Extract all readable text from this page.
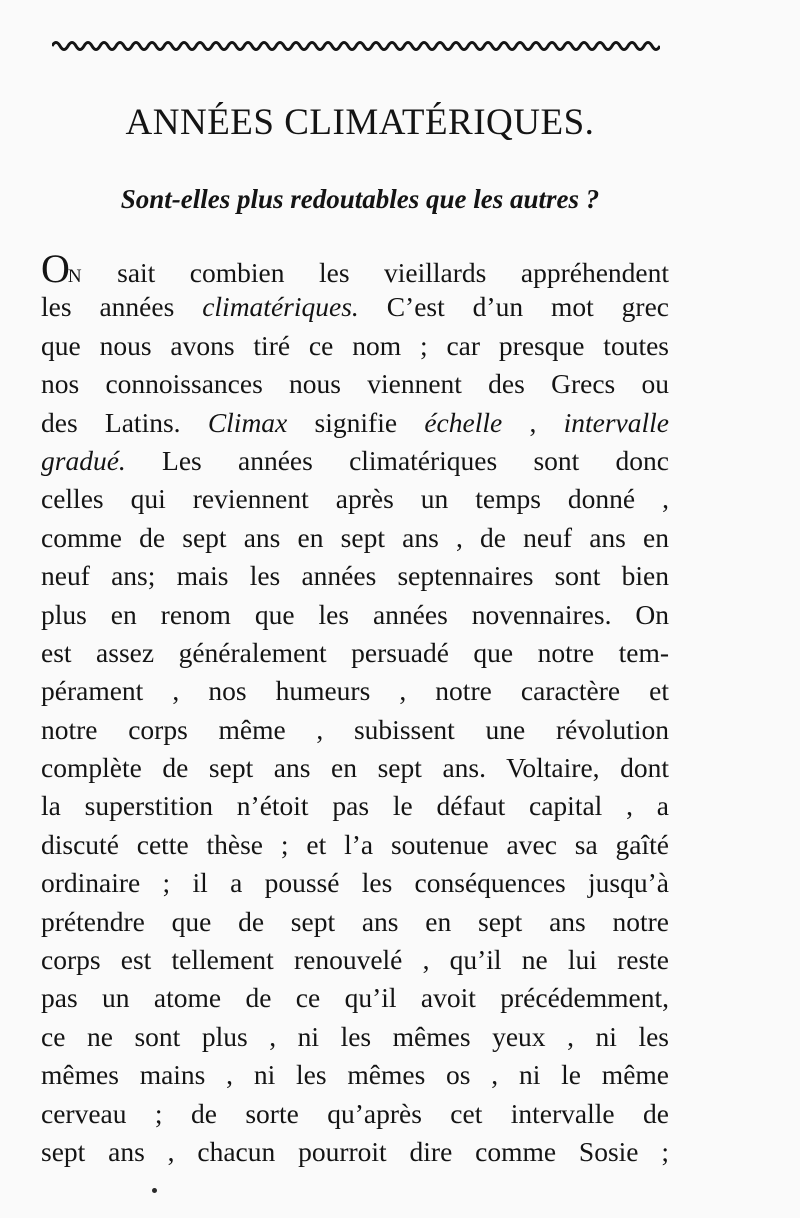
ANNÉES CLIMATÉRIQUES.
Sont-elles plus redoutables que les autres ?
ON sait combien les vieillards appréhendent
les années climatériques. C’est d’un mot grec
que nous avons tiré ce nom ; car presque toutes
nos connoissances nous viennent des Grecs ou
des Latins. Climax signifie échelle , intervalle
gradué. Les années climatériques sont donc
celles qui reviennent après un temps donné ,
comme de sept ans en sept ans , de neuf ans en
neuf ans; mais les années septennaires sont bien
plus en renom que les années novennaires. On
est assez généralement persuadé que notre tem-
pérament , nos humeurs , notre caractère et
notre corps même , subissent une révolution
complète de sept ans en sept ans. Voltaire, dont
la superstition n’étoit pas le défaut capital , a
discuté cette thèse ; et l’a soutenue avec sa gaîté
ordinaire ; il a poussé les conséquences jusqu’à
prétendre que de sept ans en sept ans notre
corps est tellement renouvelé , qu’il ne lui reste
pas un atome de ce qu’il avoit précédemment,
ce ne sont plus , ni les mêmes yeux , ni les
mêmes mains , ni les mêmes os , ni le même
cerveau ; de sorte qu’après cet intervalle de
sept ans , chacun pourroit dire comme Sosie ;
